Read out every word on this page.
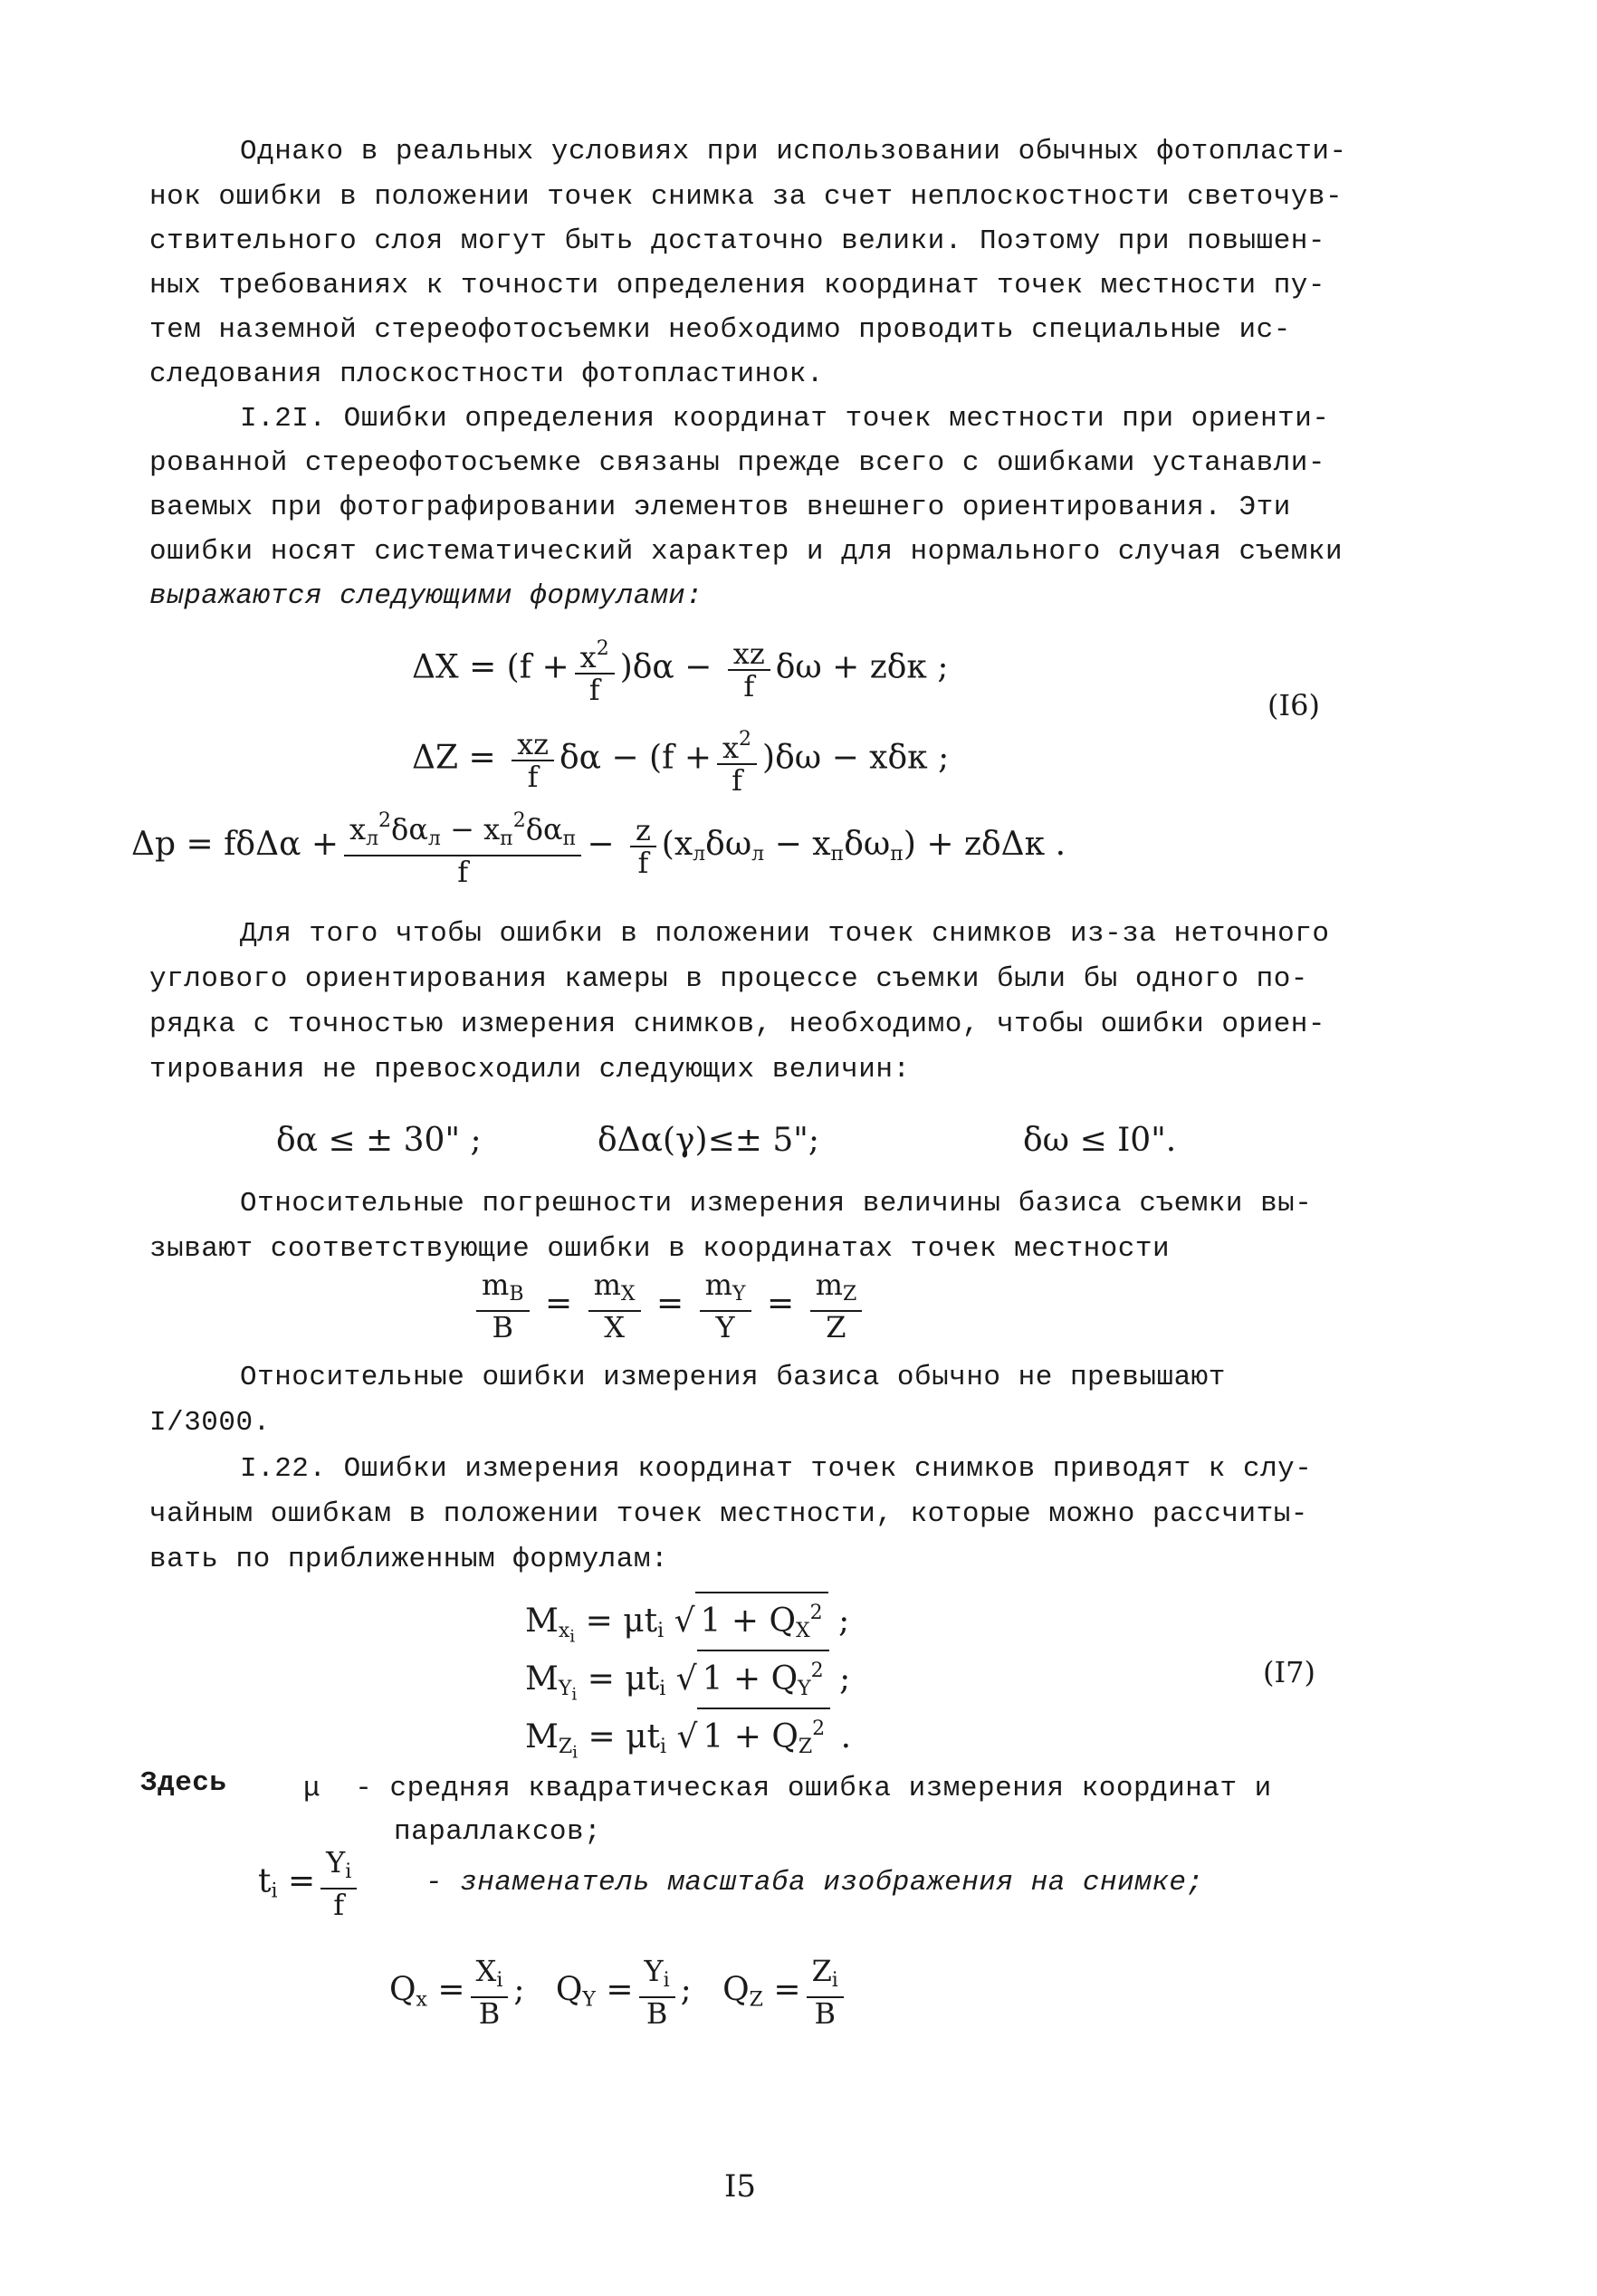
Однако в реальных условиях при использовании обычных фотопласти-
нок ошибки в положении точек снимка за счет неплоскостности светочув-
ствительного слоя могут быть достаточно велики. Поэтому при повышен-
ных требованиях к точности определения координат точек местности пу-
тем наземной стереофотосъемки необходимо проводить специальные ис-
следования плоскостности фотопластинок.
I.2I. Ошибки определения координат точек местности при ориенти-
рованной стереофотосъемке связаны прежде всего с ошибками устанавли-
ваемых при фотографировании элементов внешнего ориентирования. Эти
ошибки носят систематический характер и для нормального случая съемки
выражаются следующими формулами:
$\Delta X = (f + \frac{x^2}{f} )\delta\alpha - \frac{xz}{f}$ δω + zδκ ;
(I6)
$\Delta Z = \frac{xz}{f}$ $\delta\alpha - (f + \frac{x^2}{f} )\delta\omega - x\delta\kappa$ ;
$\Delta p = f\delta\Delta\alpha + \frac{x_л^2\delta\alpha_л - x_п^2\delta\alpha_п}{f} - \frac{z}{f} (x_л\delta\omega_л - x_п\delta\omega_п) + z\delta\Delta\kappa$ .
Для того чтобы ошибки в положении точек снимков из-за неточного
углового ориентирования камеры в процессе съемки были бы одного по-
рядка с точностью измерения снимков, необходимо, чтобы ошибки ориен-
тирования не превосходили следующих величин:
δα ≤ ± 30" ;	δΔα(γ)≤± 5";	δω ≤ I0".
Относительные погрешности измерения величины базиса съемки вы-
зывают соответствующие ошибки в координатах точек местности
$\frac{m_B}{B} = \frac{m_X}{X} = \frac{m_Y}{Y} = \frac{m_Z}{Z}$
Относительные ошибки измерения базиса обычно не превышают
I/3000.
I.22. Ошибки измерения координат точек снимков приводят к слу-
чайным ошибкам в положении точек местности, которые можно рассчиты-
вать по приближенным формулам:
$M_{x_i} = \mu t_i$ √ $1 + Q_X^2$ ;
$M_{Y_i} = \mu t_i$ √ $1 + Q_Y^2$ ;	(I7)
$M_{Z_i} = \mu t_i$ √ $1 + Q_Z^2$ .
Здесь	μ  - средняя квадратическая ошибка измерения координат и
параллаксов;
$t_i = \frac{Y_i}{f}$ - знаменатель масштаба изображения на снимке;
$Q_x = \frac{X_i}{B}$ ;   $Q_Y = \frac{Y_i}{B}$ ;   $Q_Z = \frac{Z_i}{B}$
I5
